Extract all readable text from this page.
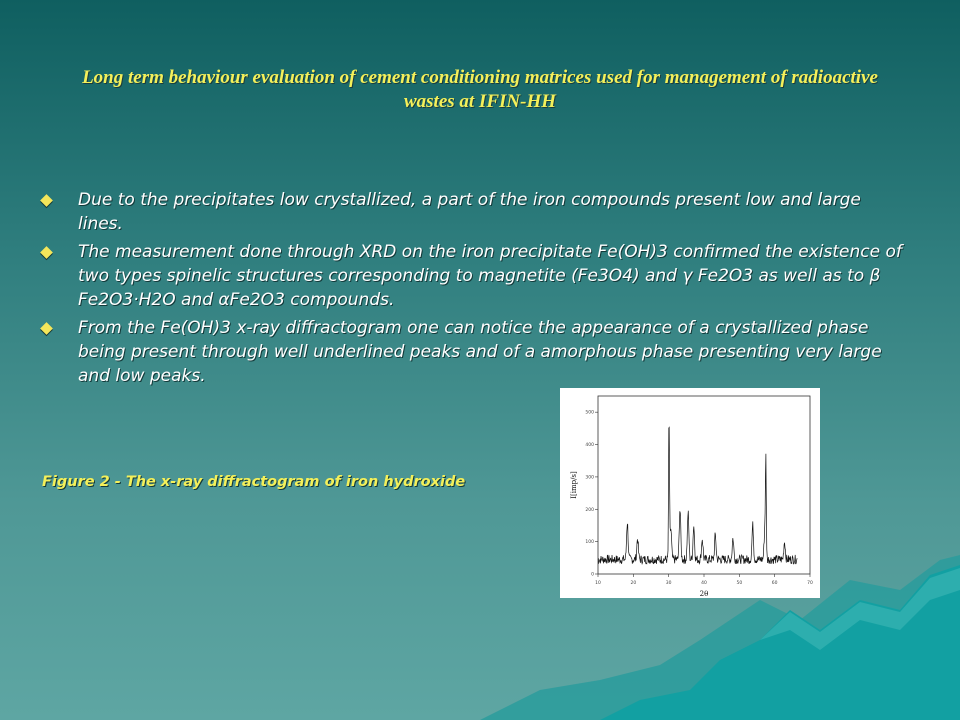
Long term behaviour evaluation of cement conditioning matrices used for management of radioactive wastes at IFIN-HH
Due to the precipitates low crystallized, a part of the iron compounds present low and large lines.
The measurement done through XRD on the iron precipitate Fe(OH)3 confirmed the existence of two types spinelic structures corresponding to magnetite (Fe3O4) and γ Fe2O3 as well as to β Fe2O3·H2O and αFe2O3 compounds.
From the Fe(OH)3 x-ray diffractogram one can notice the appearance of a crystallized phase being present through well underlined peaks and of a amorphous phase presenting very large and low peaks.
Figure 2 - The x-ray diffractogram of iron hydroxide
10	20	30	40	50	60	70
0
100
200
300
400
500
2θ
I[imp/s]
